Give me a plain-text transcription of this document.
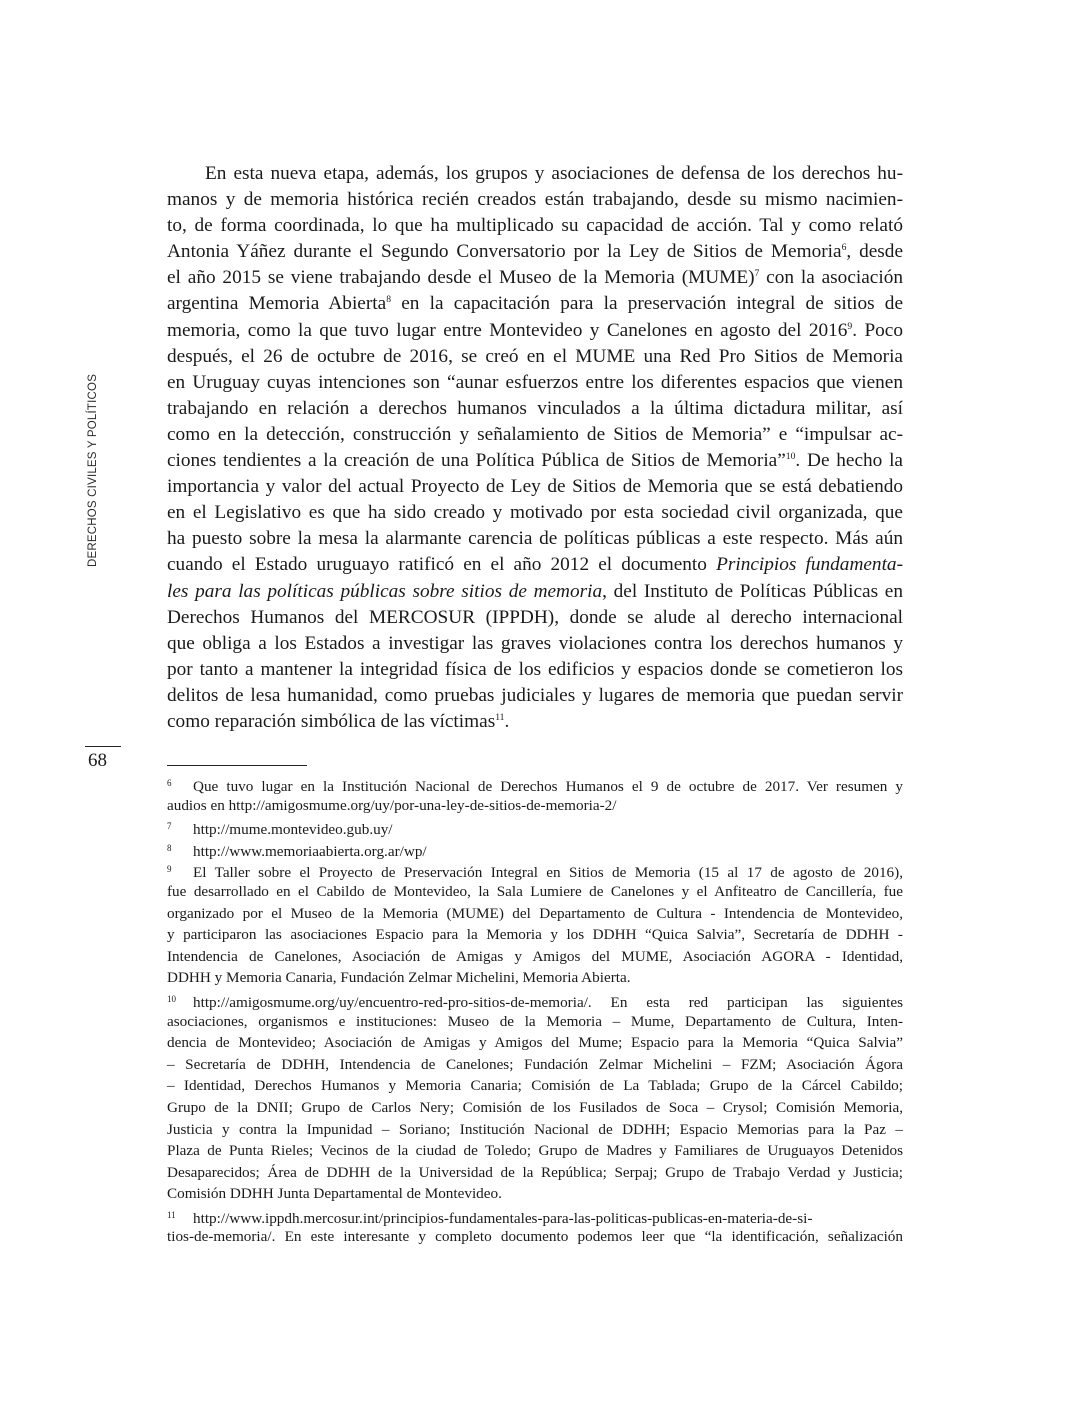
DERECHOS CIVILES Y POLÍTICOS
68
En esta nueva etapa, además, los grupos y asociaciones de defensa de los derechos hu-
manos y de memoria histórica recién creados están trabajando, desde su mismo nacimien-
to, de forma coordinada, lo que ha multiplicado su capacidad de acción. Tal y como relató
Antonia Yáñez durante el Segundo Conversatorio por la Ley de Sitios de Memoria$^6$, desde
el año 2015 se viene trabajando desde el Museo de la Memoria (MUME)$^7$ con la asociación
argentina Memoria Abierta$^8$ en la capacitación para la preservación integral de sitios de
memoria, como la que tuvo lugar entre Montevideo y Canelones en agosto del 2016$^9$. Poco
después, el 26 de octubre de 2016, se creó en el MUME una Red Pro Sitios de Memoria
en Uruguay cuyas intenciones son “aunar esfuerzos entre los diferentes espacios que vienen
trabajando en relación a derechos humanos vinculados a la última dictadura militar, así
como en la detección, construcción y señalamiento de Sitios de Memoria” e “impulsar ac-
ciones tendientes a la creación de una Política Pública de Sitios de Memoria”$^{10}$. De hecho la
importancia y valor del actual Proyecto de Ley de Sitios de Memoria que se está debatiendo
en el Legislativo es que ha sido creado y motivado por esta sociedad civil organizada, que
ha puesto sobre la mesa la alarmante carencia de políticas públicas a este respecto. Más aún
cuando el Estado uruguayo ratificó en el año 2012 el documento Principios fundamenta-
les para las políticas públicas sobre sitios de memoria, del Instituto de Políticas Públicas en
Derechos Humanos del MERCOSUR (IPPDH), donde se alude al derecho internacional
que obliga a los Estados a investigar las graves violaciones contra los derechos humanos y
por tanto a mantener la integridad física de los edificios y espacios donde se cometieron los
delitos de lesa humanidad, como pruebas judiciales y lugares de memoria que puedan servir
como reparación simbólica de las víctimas$^{11}$.
6 Que tuvo lugar en la Institución Nacional de Derechos Humanos el 9 de octubre de 2017. Ver resumen y
audios en http://amigosmume.org/uy/por-una-ley-de-sitios-de-memoria-2/
7 http://mume.montevideo.gub.uy/
8 http://www.memoriaabierta.org.ar/wp/
9 El Taller sobre el Proyecto de Preservación Integral en Sitios de Memoria (15 al 17 de agosto de 2016),
fue desarrollado en el Cabildo de Montevideo, la Sala Lumiere de Canelones y el Anfiteatro de Cancillería, fue
organizado por el Museo de la Memoria (MUME) del Departamento de Cultura - Intendencia de Montevideo,
y participaron las asociaciones Espacio para la Memoria y los DDHH “Quica Salvia”, Secretaría de DDHH -
Intendencia de Canelones, Asociación de Amigas y Amigos del MUME, Asociación AGORA - Identidad,
DDHH y Memoria Canaria, Fundación Zelmar Michelini, Memoria Abierta.
10 http://amigosmume.org/uy/encuentro-red-pro-sitios-de-memoria/. En esta red participan las siguientes
asociaciones, organismos e instituciones: Museo de la Memoria – Mume, Departamento de Cultura, Inten-
dencia de Montevideo; Asociación de Amigas y Amigos del Mume; Espacio para la Memoria “Quica Salvia”
– Secretaría de DDHH, Intendencia de Canelones; Fundación Zelmar Michelini – FZM; Asociación Ágora
– Identidad, Derechos Humanos y Memoria Canaria; Comisión de La Tablada; Grupo de la Cárcel Cabildo;
Grupo de la DNII; Grupo de Carlos Nery; Comisión de los Fusilados de Soca – Crysol; Comisión Memoria,
Justicia y contra la Impunidad – Soriano; Institución Nacional de DDHH; Espacio Memorias para la Paz –
Plaza de Punta Rieles; Vecinos de la ciudad de Toledo; Grupo de Madres y Familiares de Uruguayos Detenidos
Desaparecidos; Área de DDHH de la Universidad de la República; Serpaj; Grupo de Trabajo Verdad y Justicia;
Comisión DDHH Junta Departamental de Montevideo.
11 http://www.ippdh.mercosur.int/principios-fundamentales-para-las-politicas-publicas-en-materia-de-si-
tios-de-memoria/. En este interesante y completo documento podemos leer que “la identificación, señalización
